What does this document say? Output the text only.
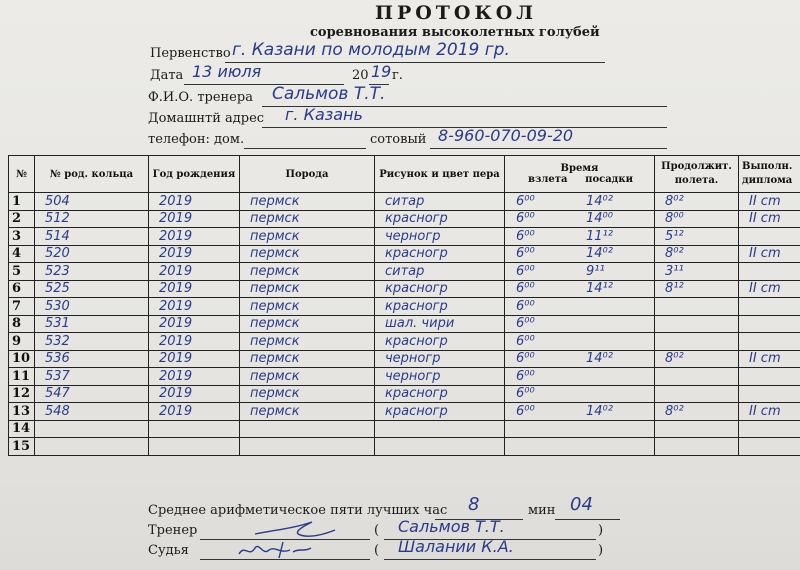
ПРОТОКОЛ
соревнования высоколетных голубей
Первенство г. Казани по молодым 2019 гр.
Дата 13 июля	20 19 г.
Ф.И.О. тренера Сальмов Т.Т.
Домашнтй адрес г. Казань
телефон: дом.	сотовый 8-960-070-09-20
№	№ род. кольца	Год рождения	Порода	Рисунок и цвет пера	Время
взлета посадки	Продолжит. полета.	Выполн. диплома
1	504	2019	пермск	ситар	6⁰⁰ 14⁰²	8⁰²	II cm
2	512	2019	пермск	красногр	6⁰⁰ 14⁰⁰	8⁰⁰	II cm
3	514	2019	пермск	черногр	6⁰⁰ 11¹²	5¹²	
4	520	2019	пермск	красногр	6⁰⁰ 14⁰²	8⁰²	II cm
5	523	2019	пермск	ситар	6⁰⁰ 9¹¹	3¹¹	
6	525	2019	пермск	красногр	6⁰⁰ 14¹²	8¹²	II cm
7	530	2019	пермск	красногр	6⁰⁰		

8	531	2019	пермск	шал. чири	6⁰⁰		

9	532	2019	пермск	красногр	6⁰⁰		

10	536	2019	пермск	черногр	6⁰⁰ 14⁰²	8⁰²	II cm
11	537	2019	пермск	черногр	6⁰⁰		

12	547	2019	пермск	красногр	6⁰⁰		

13	548	2019	пермск	красногр	6⁰⁰ 14⁰²	8⁰²	II cm
14					

15					

Среднее арифметическое пяти лучших час 8	мин 04
Тренер	( Сальмов Т.Т.	)
Судья	( Шалании К.А.	)
